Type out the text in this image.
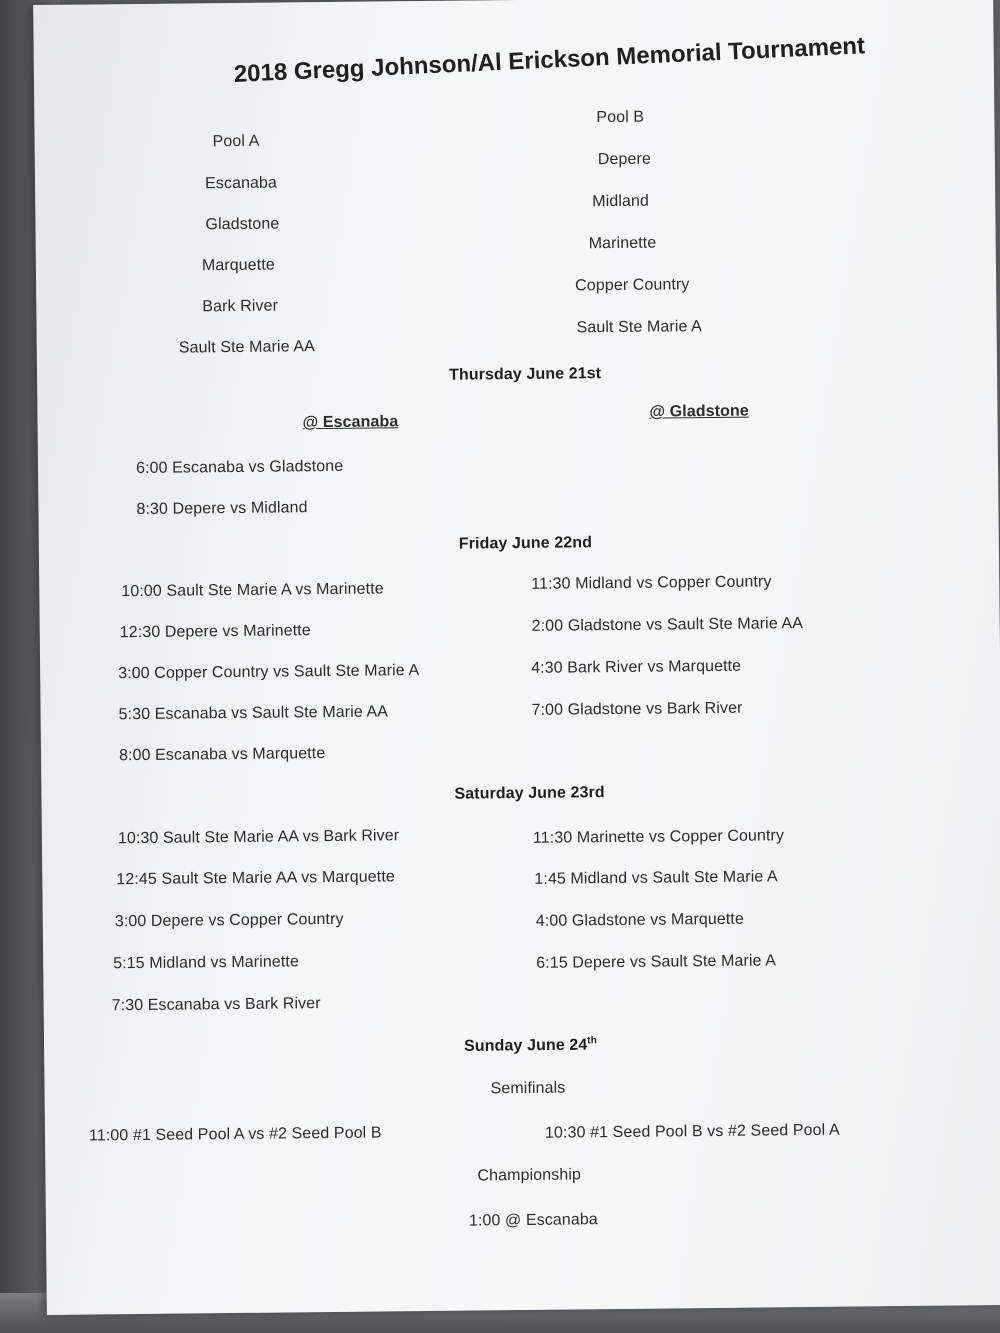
2018 Gregg Johnson/Al Erickson Memorial Tournament
Pool A
Escanaba
Gladstone
Marquette
Bark River
Sault Ste Marie AA
Pool B
Depere
Midland
Marinette
Copper Country
Sault Ste Marie A
Thursday June 21st
@ Escanaba
@ Gladstone
6:00 Escanaba vs Gladstone
8:30 Depere vs Midland
Friday June 22nd
10:00 Sault Ste Marie A vs Marinette
12:30 Depere vs Marinette
3:00 Copper Country vs Sault Ste Marie A
5:30 Escanaba vs Sault Ste Marie AA
8:00 Escanaba vs Marquette
11:30 Midland vs Copper Country
2:00 Gladstone vs Sault Ste Marie AA
4:30 Bark River vs Marquette
7:00 Gladstone vs Bark River
Saturday June 23rd
10:30 Sault Ste Marie AA vs Bark River
12:45 Sault Ste Marie AA vs Marquette
3:00 Depere vs Copper Country
5:15 Midland vs Marinette
7:30 Escanaba vs Bark River
11:30 Marinette vs Copper Country
1:45 Midland vs Sault Ste Marie A
4:00 Gladstone vs Marquette
6:15 Depere vs Sault Ste Marie A
Sunday June 24th
Semifinals
11:00 #1 Seed Pool A vs #2 Seed Pool B	10:30 #1 Seed Pool B vs #2 Seed Pool A
Championship
1:00 @ Escanaba
